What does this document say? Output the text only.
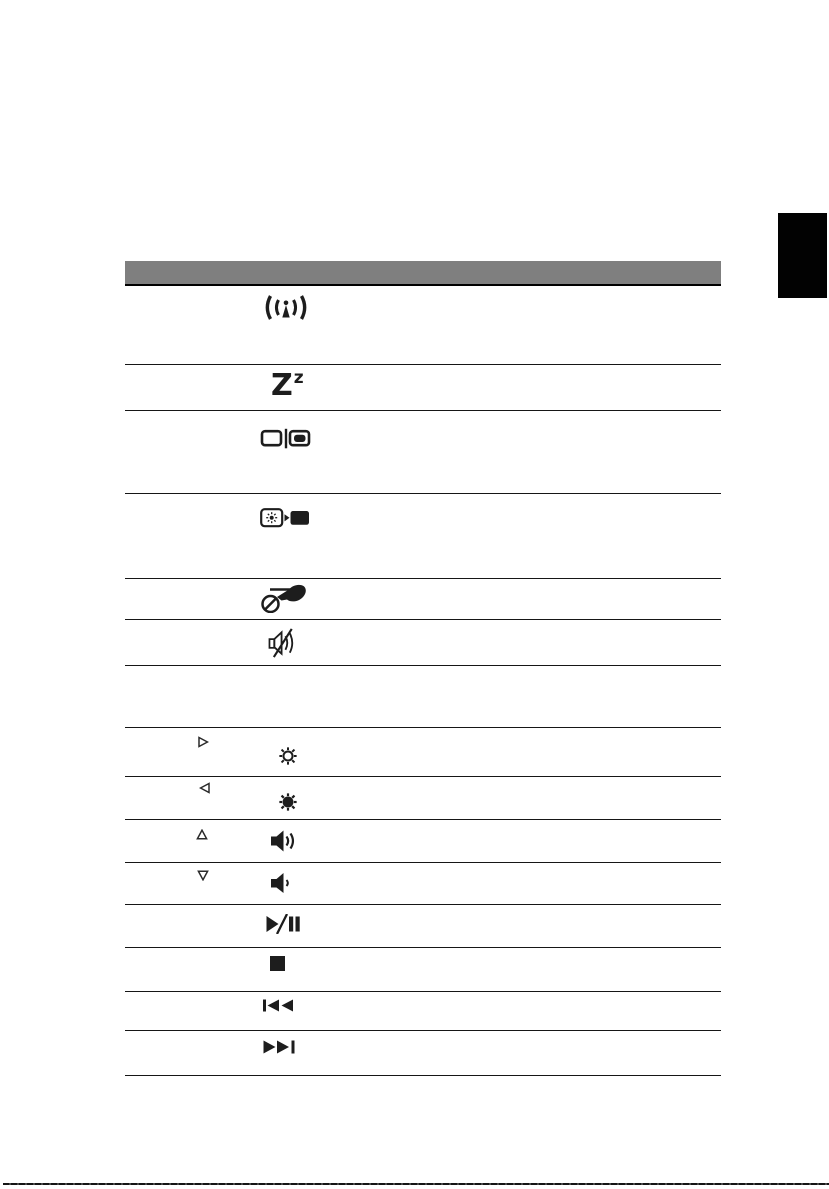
Zz
